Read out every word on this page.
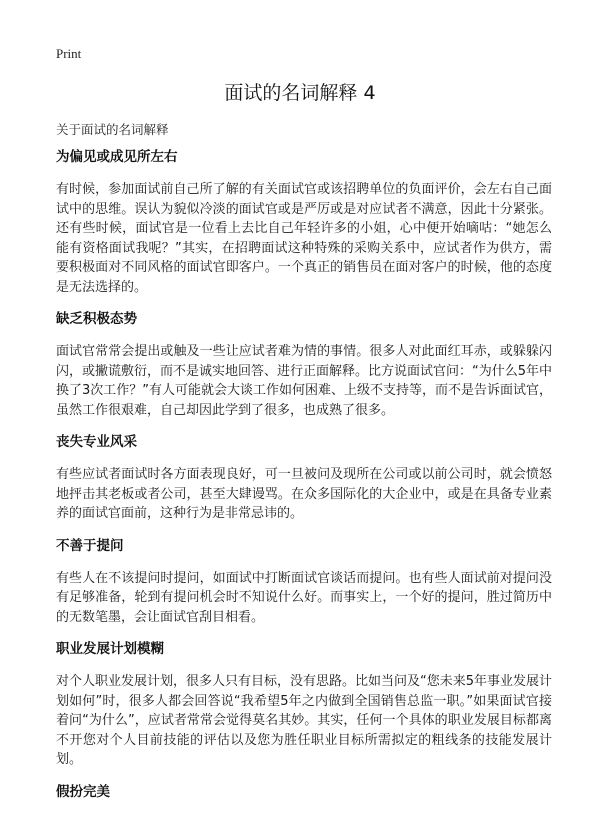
Print
面试的名词解释 4
关于面试的名词解释
为偏见或成见所左右

有时候，参加面试前自己所了解的有关面试官或该招聘单位的负面评价，会左右自己面试中的思维。误认为貌似冷淡的面试官或是严厉或是对应试者不满意，因此十分紧张。还有些时候，面试官是一位看上去比自己年轻许多的小姐，心中便开始嘀咕：“她怎么能有资格面试我呢？”其实，在招聘面试这种特殊的采购关系中，应试者作为供方，需要积极面对不同风格的面试官即客户。一个真正的销售员在面对客户的时候，他的态度是无法选择的。

缺乏积极态势

面试官常常会提出或触及一些让应试者难为情的事情。很多人对此面红耳赤，或躲躲闪闪，或撇谎敷衍，而不是诚实地回答、进行正面解释。比方说面试官问：“为什么5年中换了3次工作？”有人可能就会大谈工作如何困难、上级不支持等，而不是告诉面试官，虽然工作很艰难，自己却因此学到了很多，也成熟了很多。

丧失专业风采

有些应试者面试时各方面表现良好，可一旦被问及现所在公司或以前公司时，就会愤怒地抨击其老板或者公司，甚至大肆谩骂。在众多国际化的大企业中，或是在具备专业素养的面试官面前，这种行为是非常忌讳的。

不善于提问

有些人在不该提问时提问，如面试中打断面试官谈话而提问。也有些人面试前对提问没有足够准备，轮到有提问机会时不知说什么好。而事实上，一个好的提问，胜过简历中的无数笔墨，会让面试官刮目相看。

职业发展计划模糊

对个人职业发展计划，很多人只有目标，没有思路。比如当问及“您未来5年事业发展计划如何”时，很多人都会回答说“我希望5年之内做到全国销售总监一职。”如果面试官接着问“为什么”，应试者常常会觉得莫名其妙。其实，任何一个具体的职业发展目标都离不开您对个人目前技能的评估以及您为胜任职业目标所需拟定的粗线条的技能发展计划。

假扮完美
